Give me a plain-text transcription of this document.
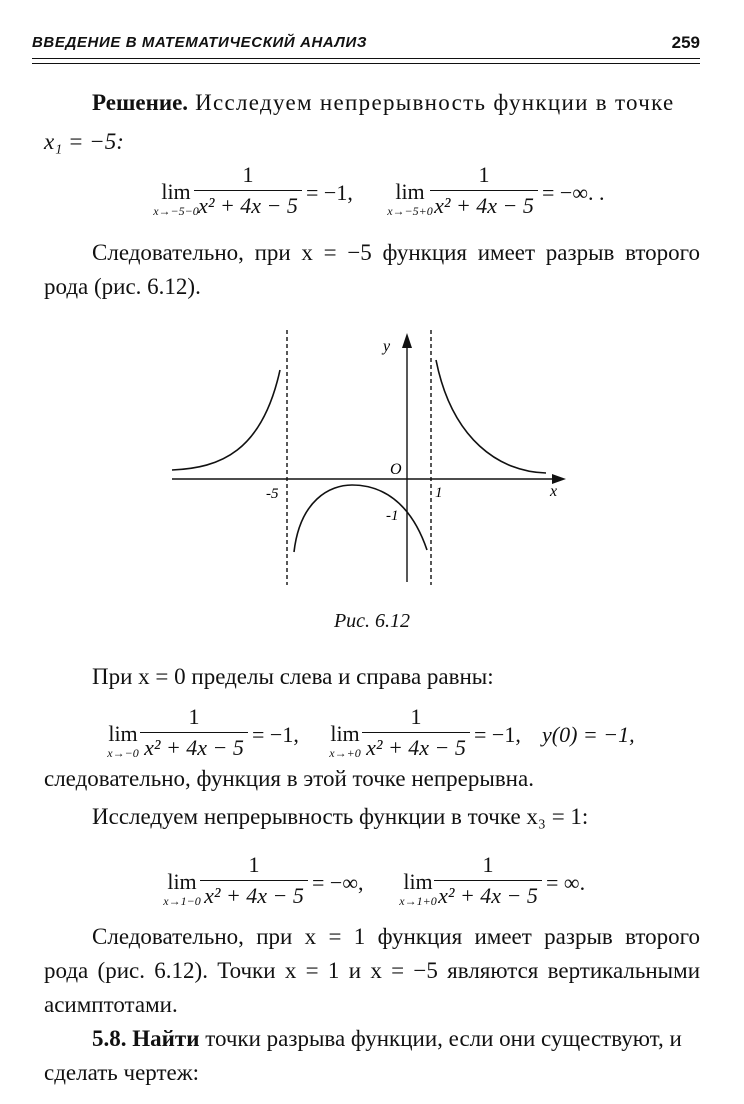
ВВЕДЕНИЕ В МАТЕМАТИЧЕСКИЙ АНАЛИЗ	259
Решение. Исследуем непрерывность функции в точке
x₁ = −5:
lim
x→−5−0
1
x² + 4x − 5
= −1,	lim
x→−5+0
1
x² + 4x − 5
= −∞. .
Следовательно, при x = −5 функция имеет разрыв второго
рода (рис. 6.12).
y
x
O
-5	1
-1
Рис. 6.12
При x = 0 пределы слева и справа равны:
lim
x→−0
1
x² + 4x − 5
= −1,	lim
x→+0
1
x² + 4x − 5
= −1, y(0) = −1,
следовательно, функция в этой точке непрерывна.
Исследуем непрерывность функции в точке x₃ = 1:
lim
x→1−0
1
x² + 4x − 5
= −∞,	lim
x→1+0
1
x² + 4x − 5
= ∞.
Следовательно, при x = 1 функция имеет разрыв второго
рода (рис. 6.12). Точки x = 1 и x = −5 являются вертикальными
асимптотами.
5.8. Найти точки разрыва функции, если они существуют, и
сделать чертеж:
